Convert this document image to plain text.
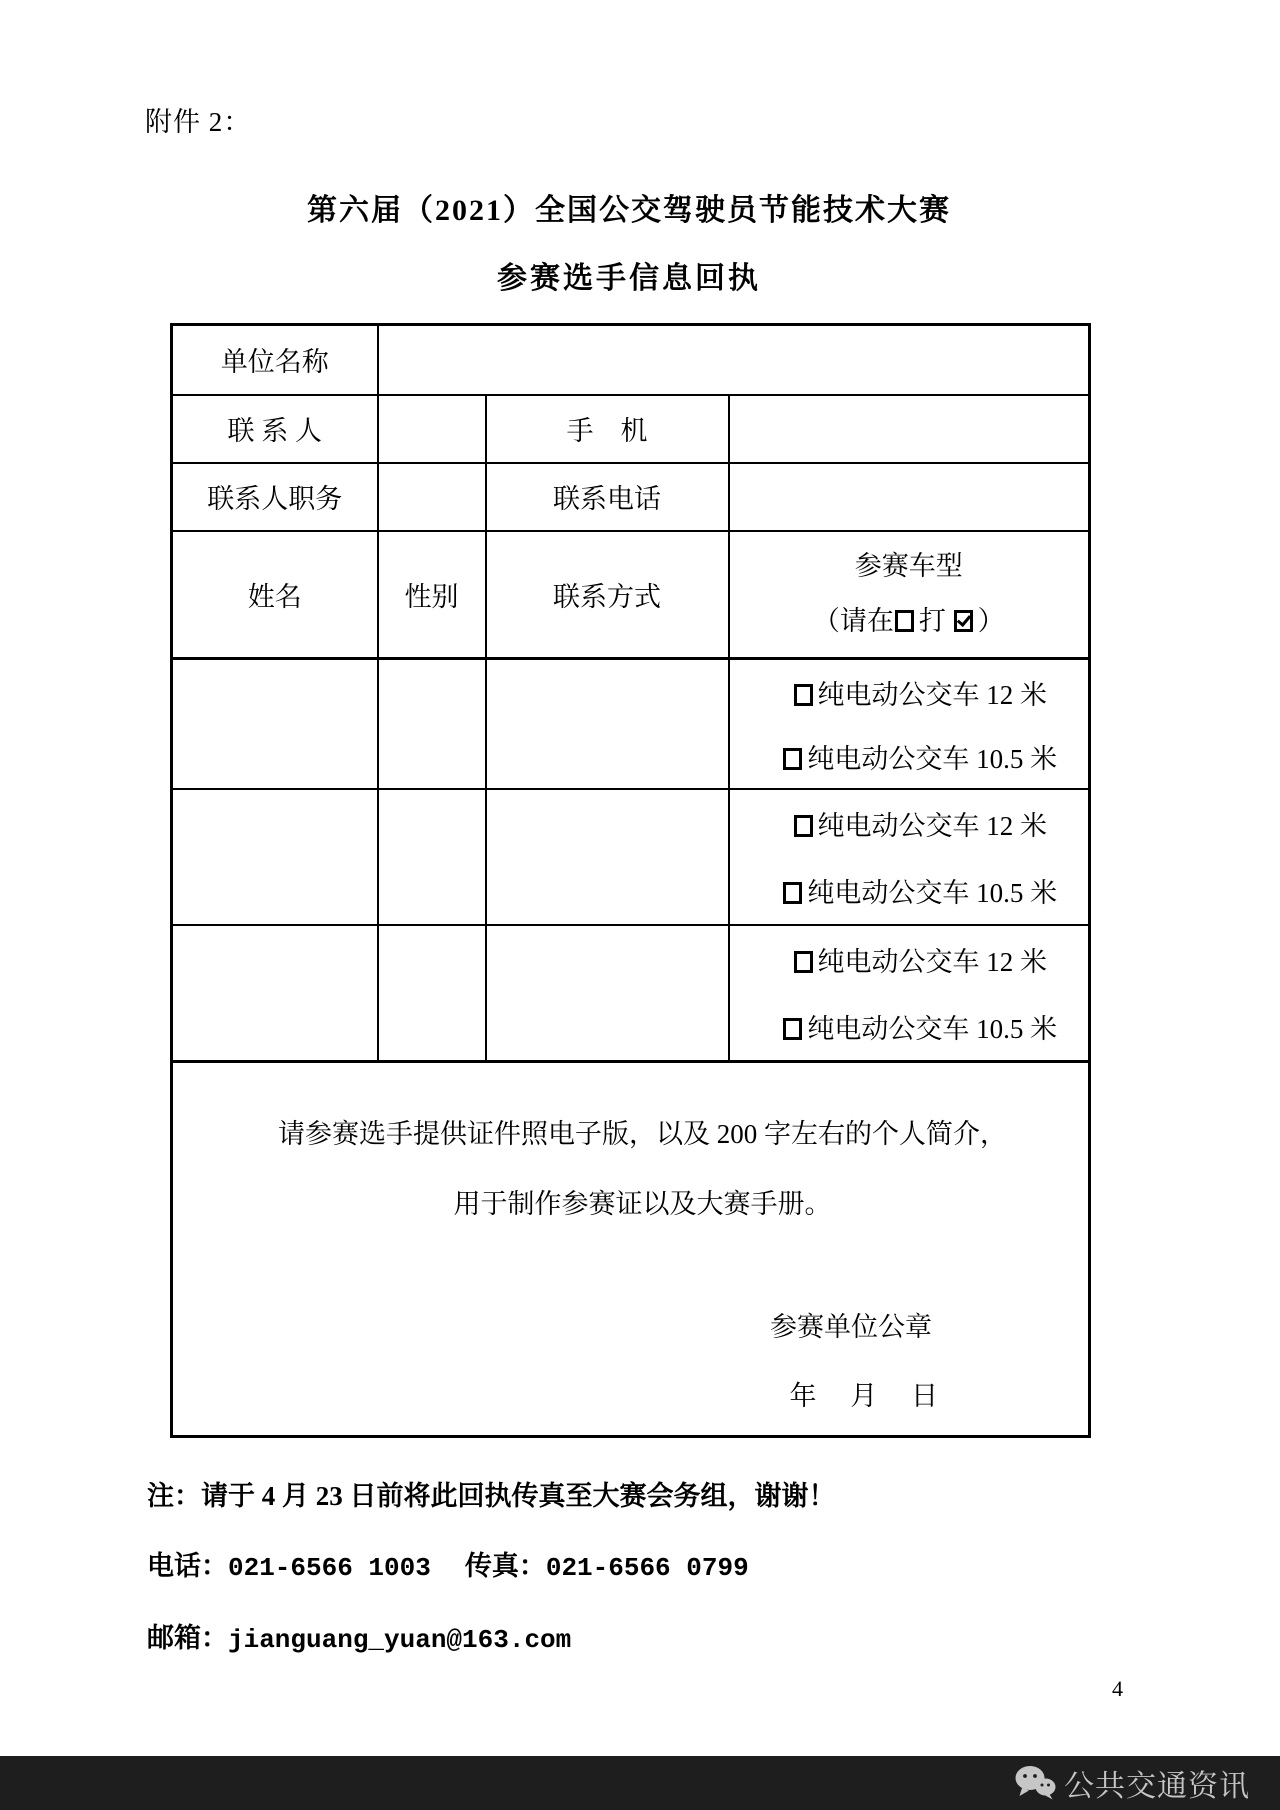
附件 2：
第六届（2021）全国公交驾驶员节能技术大赛
参赛选手信息回执
单位名称			
联 系 人		手　机	
联系人职务		联系电话	
姓名	性别	联系方式	参赛车型
（请在 打 ）

			纯电动公交车 12 米
纯电动公交车 10.5 米

			纯电动公交车 12 米
纯电动公交车 10.5 米

			纯电动公交车 12 米
纯电动公交车 10.5 米

请参赛选手提供证件照电子版，以及 200 字左右的个人简介，

用于制作参赛证以及大赛手册。

参赛单位公章
年　 月　 日			

注：请于 4 月 23 日前将此回执传真至大赛会务组，谢谢！

电话：021-6566 1003 传真：021-6566 0799

邮箱：jianguang_yuan@163.com

4
公共交通资讯
